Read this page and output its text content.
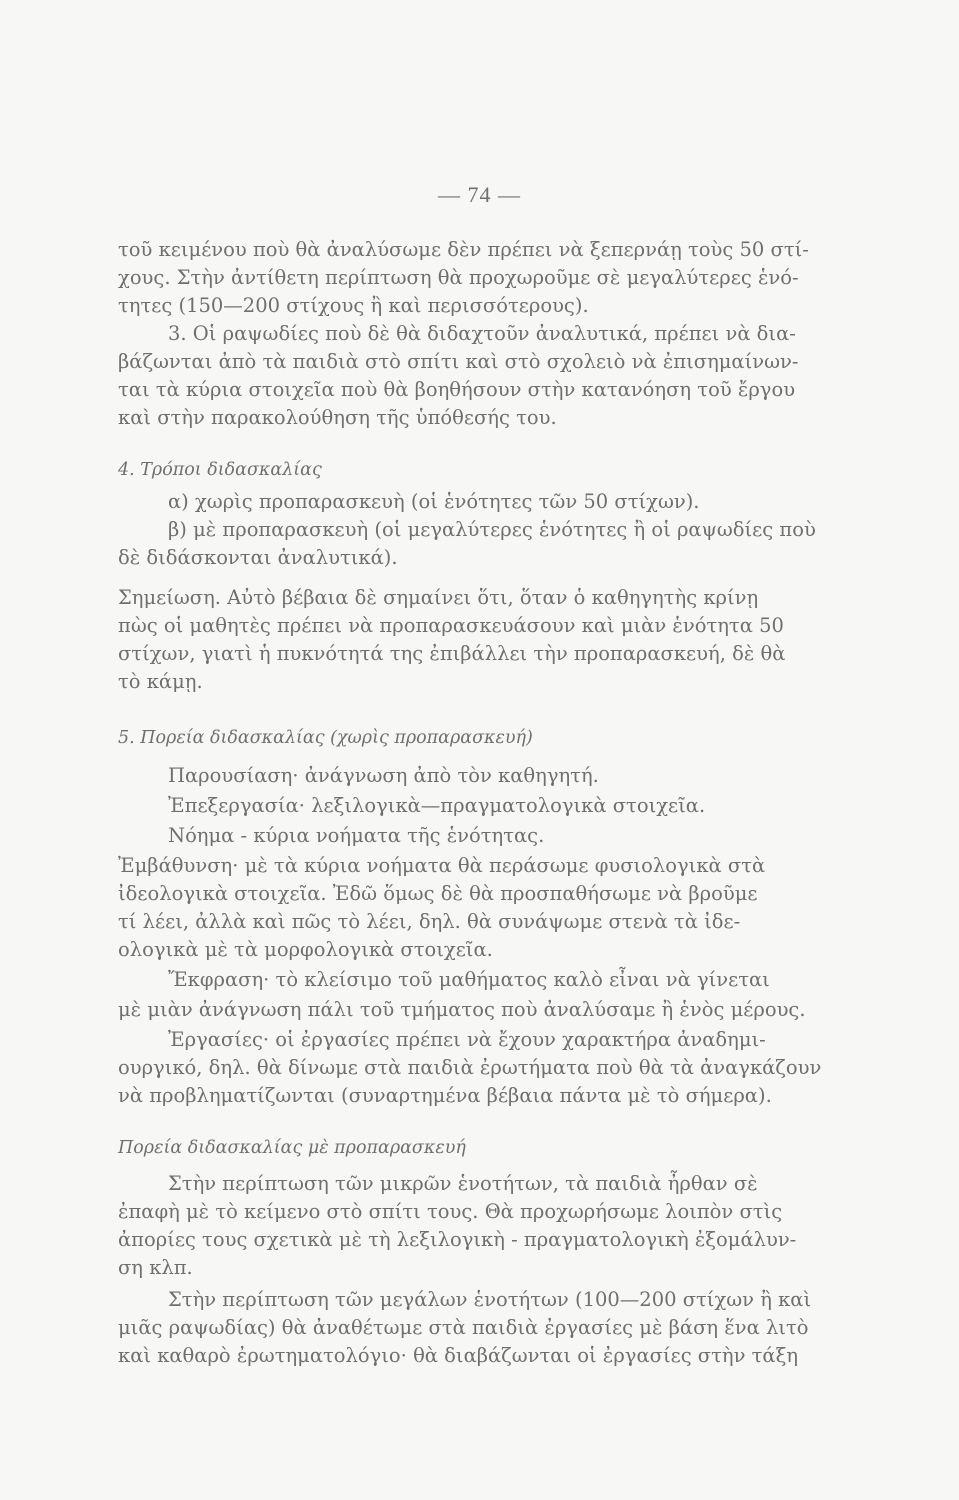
— 74 —
τοῦ κειμένου ποὺ θὰ ἀναλύσωμε δὲν πρέπει νὰ ξεπερνάῃ τοὺς 50 στί-
χους. Στὴν ἀντίθετη περίπτωση θὰ προχωροῦμε σὲ μεγαλύτερες ἑνό-
τητες (150—200 στίχους ἢ καὶ περισσότερους).
3. Οἱ ραψωδίες ποὺ δὲ θὰ διδαχτοῦν ἀναλυτικά, πρέπει νὰ δια-
βάζωνται ἀπὸ τὰ παιδιὰ στὸ σπίτι καὶ στὸ σχολειὸ νὰ ἐπισημαίνων-
ται τὰ κύρια στοιχεῖα ποὺ θὰ βοηθήσουν στὴν κατανόηση τοῦ ἔργου
καὶ στὴν παρακολούθηση τῆς ὑπόθεσής του.
4. Τρόποι διδασκαλίας
α) χωρὶς προπαρασκευὴ (οἱ ἑνότητες τῶν 50 στίχων).
β) μὲ προπαρασκευὴ (οἱ μεγαλύτερες ἑνότητες ἢ οἱ ραψωδίες ποὺ
δὲ διδάσκονται ἀναλυτικά).
Σημείωση. Αὐτὸ βέβαια δὲ σημαίνει ὅτι, ὅταν ὁ καθηγητὴς κρίνῃ
πὼς οἱ μαθητὲς πρέπει νὰ προπαρασκευάσουν καὶ μιὰν ἑνότητα 50
στίχων, γιατὶ ἡ πυκνότητά της ἐπιβάλλει τὴν προπαρασκευή, δὲ θὰ
τὸ κάμῃ.
5. Πορεία διδασκαλίας (χωρὶς προπαρασκευή)
Παρουσίαση· ἀνάγνωση ἀπὸ τὸν καθηγητή.
Ἐπεξεργασία· λεξιλογικὰ—πραγματολογικὰ στοιχεῖα.
Νόημα - κύρια νοήματα τῆς ἑνότητας.
Ἐμβάθυνση· μὲ τὰ κύρια νοήματα θὰ περάσωμε φυσιολογικὰ στὰ
ἰδεολογικὰ στοιχεῖα. Ἐδῶ ὅμως δὲ θὰ προσπαθήσωμε νὰ βροῦμε
τί λέει, ἀλλὰ καὶ πῶς τὸ λέει, δηλ. θὰ συνάψωμε στενὰ τὰ ἰδε-
ολογικὰ μὲ τὰ μορφολογικὰ στοιχεῖα.
Ἔκφραση· τὸ κλείσιμο τοῦ μαθήματος καλὸ εἶναι νὰ γίνεται
μὲ μιὰν ἀνάγνωση πάλι τοῦ τμήματος ποὺ ἀναλύσαμε ἢ ἑνὸς μέρους.
Ἐργασίες· οἱ ἐργασίες πρέπει νὰ ἔχουν χαρακτήρα ἀναδημι-
ουργικό, δηλ. θὰ δίνωμε στὰ παιδιὰ ἐρωτήματα ποὺ θὰ τὰ ἀναγκάζουν
νὰ προβληματίζωνται (συναρτημένα βέβαια πάντα μὲ τὸ σήμερα).
Πορεία διδασκαλίας μὲ προπαρασκευή
Στὴν περίπτωση τῶν μικρῶν ἑνοτήτων, τὰ παιδιὰ ἦρθαν σὲ
ἐπαφὴ μὲ τὸ κείμενο στὸ σπίτι τους. Θὰ προχωρήσωμε λοιπὸν στὶς
ἀπορίες τους σχετικὰ μὲ τὴ λεξιλογικὴ - πραγματολογικὴ ἐξομάλυν-
ση κλπ.
Στὴν περίπτωση τῶν μεγάλων ἑνοτήτων (100—200 στίχων ἢ καὶ
μιᾶς ραψωδίας) θὰ ἀναθέτωμε στὰ παιδιὰ ἐργασίες μὲ βάση ἕνα λιτὸ
καὶ καθαρὸ ἐρωτηματολόγιο· θὰ διαβάζωνται οἱ ἐργασίες στὴν τάξη
